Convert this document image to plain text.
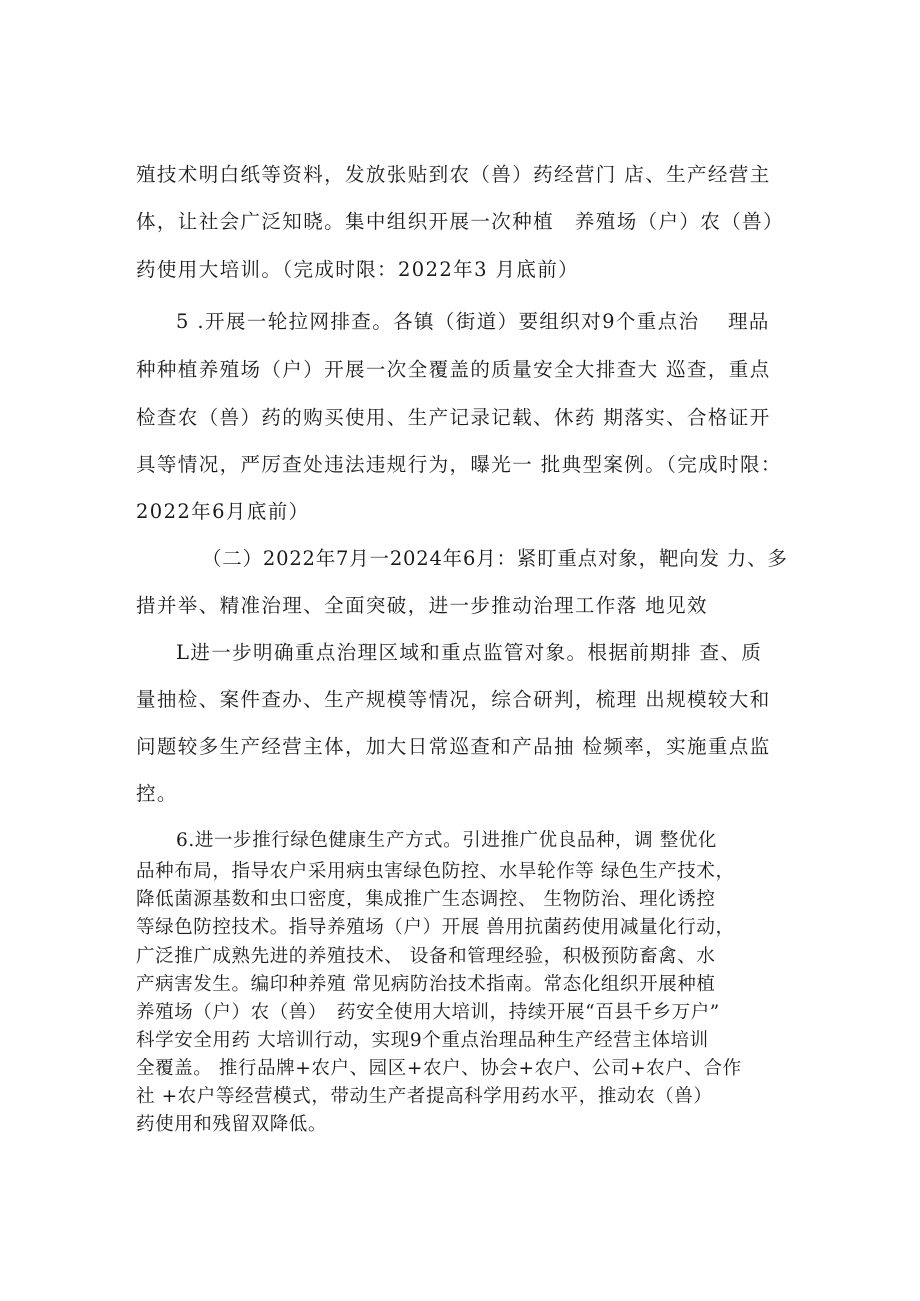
殖技术明白纸等资料，发放张贴到农（兽）药经营门 店、生产经营主
体，让社会广泛知晓。集中组织开展一次种植　养殖场（户）农（兽）
药使用大培训。（完成时限：2022年3 月底前）
5 .开展一轮拉网排查。各镇（街道）要组织对9个重点治　 理品
种种植养殖场（户）开展一次全覆盖的质量安全大排查大 巡查，重点
检查农（兽）药的购买使用、生产记录记载、休药 期落实、合格证开
具等情况，严厉查处违法违规行为，曝光一 批典型案例。（完成时限：
2022年6月底前）
（二）2022年7月一2024年6月：紧盯重点对象，靶向发 力、多
措并举、精准治理、全面突破，进一步推动治理工作落 地见效
L进一步明确重点治理区域和重点监管对象。根据前期排 查、质
量抽检、案件查办、生产规模等情况，综合研判，梳理 出规模较大和
问题较多生产经营主体，加大日常巡查和产品抽 检频率，实施重点监
控。
6.进一步推行绿色健康生产方式。引进推广优良品种，调 整优化
品种布局，指导农户采用病虫害绿色防控、水旱轮作等 绿色生产技术，
降低菌源基数和虫口密度，集成推广生态调控、 生物防治、理化诱控
等绿色防控技术。指导养殖场（户）开展 兽用抗菌药使用减量化行动，
广泛推广成熟先进的养殖技术、 设备和管理经验，积极预防畜禽、水
产病害发生。编印种养殖 常见病防治技术指南。常态化组织开展种植
养殖场（户）农（兽）　药安全使用大培训，持续开展“百县千乡万户”
科学安全用药 大培训行动，实现9个重点治理品种生产经营主体培训
全覆盖。 推行品牌+农户、园区+农户、协会+农户、公司+农户、合作
社 +农户等经营模式，带动生产者提高科学用药水平，推动农（兽）
药使用和残留双降低。
